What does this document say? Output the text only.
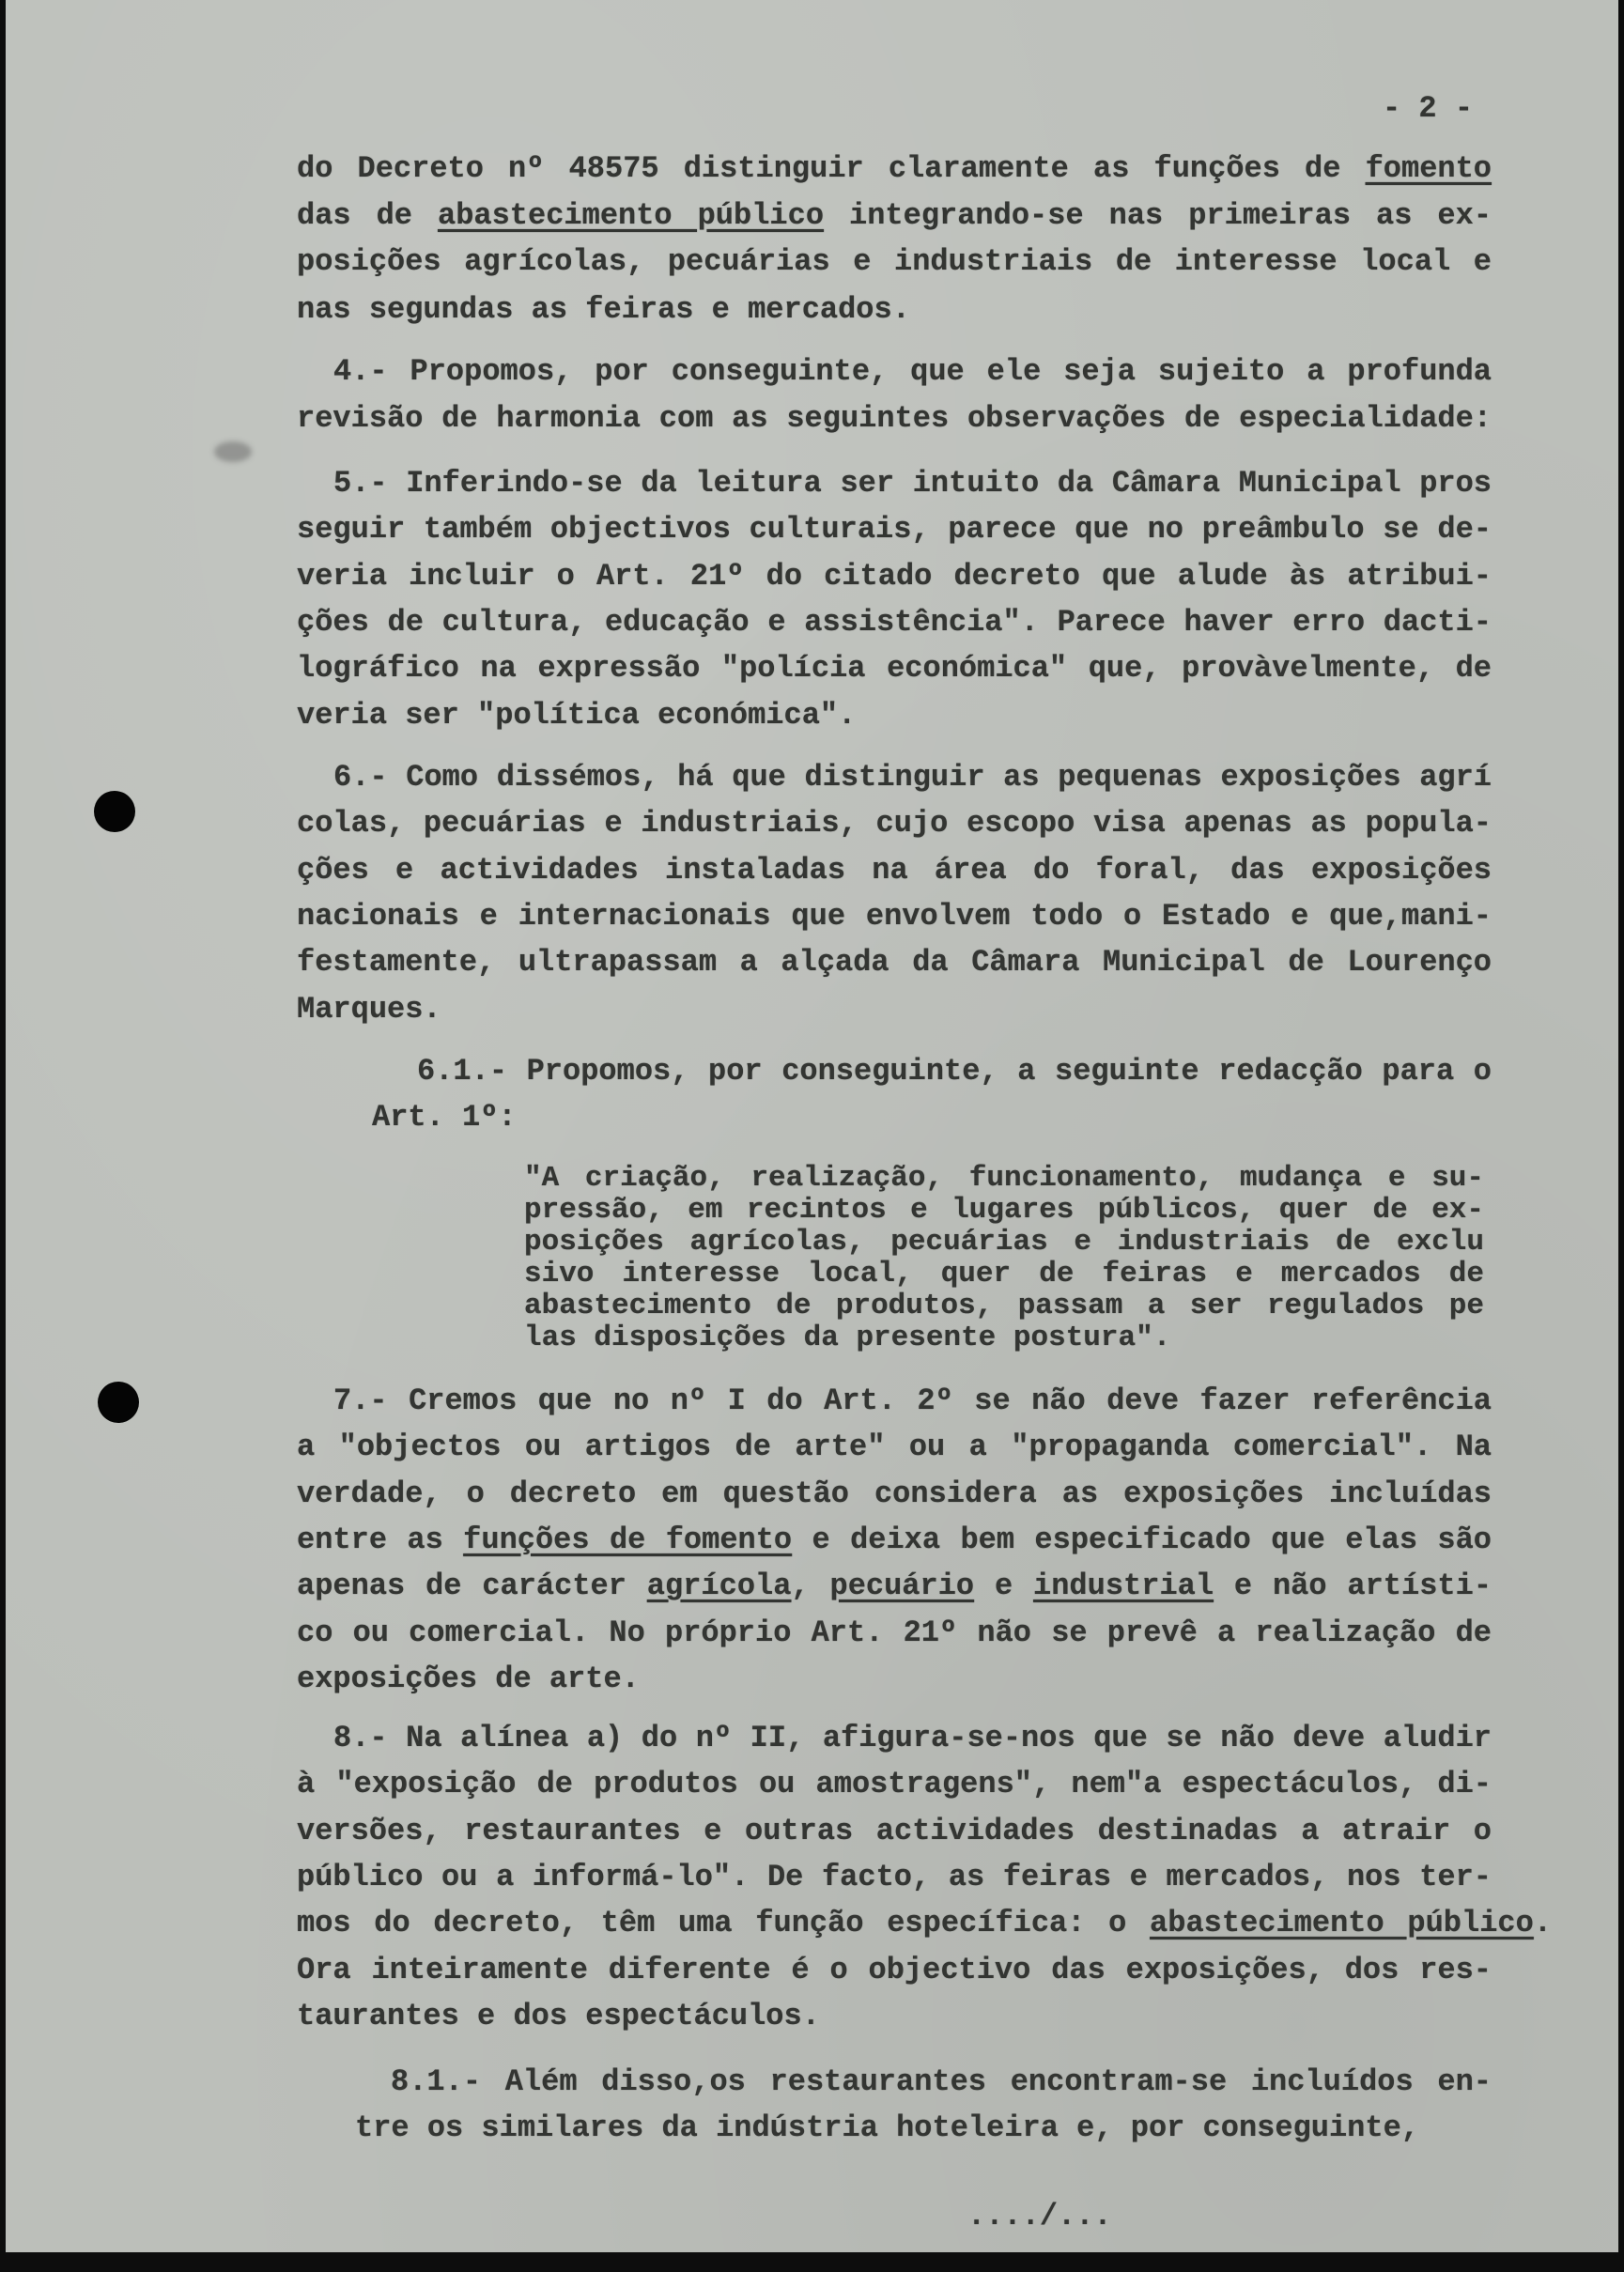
- 2 -
do Decreto nº 48575 distinguir claramente as funções de fomento
das de abastecimento público integrando-se nas primeiras as ex-
posições agrícolas, pecuárias e industriais de interesse local e
nas segundas as feiras e mercados.
4.- Propomos, por conseguinte, que ele seja sujeito a profunda
revisão de harmonia com as seguintes observações de especialidade:
5.- Inferindo-se da leitura ser intuito da Câmara Municipal pros
seguir também objectivos culturais, parece que no preâmbulo se de-
veria incluir o Art. 21º do citado decreto que alude às atribui-
ções de cultura, educação e assistência". Parece haver erro dacti-
lográfico na expressão "polícia económica" que, provàvelmente, de
veria ser "política económica".
6.- Como dissémos, há que distinguir as pequenas exposições agrí
colas, pecuárias e industriais, cujo escopo visa apenas as popula-
ções e actividades instaladas na área do foral, das exposições
nacionais e internacionais que envolvem todo o Estado e que,mani-
festamente, ultrapassam a alçada da Câmara Municipal de Lourenço
Marques.
6.1.- Propomos, por conseguinte, a seguinte redacção para o
Art. 1º:
"A criação, realização, funcionamento, mudança e su-
pressão, em recintos e lugares públicos, quer de ex-
posições agrícolas, pecuárias e industriais de exclu
sivo interesse local, quer de feiras e mercados de
abastecimento de produtos, passam a ser regulados pe
las disposições da presente postura".
7.- Cremos que no nº I do Art. 2º se não deve fazer referência
a "objectos ou artigos de arte" ou a "propaganda comercial". Na
verdade, o decreto em questão considera as exposições incluídas
entre as funções de fomento e deixa bem especificado que elas são
apenas de carácter agrícola, pecuário e industrial e não artísti-
co ou comercial. No próprio Art. 21º não se prevê a realização de
exposições de arte.
8.- Na alínea a) do nº II, afigura-se-nos que se não deve aludir
à "exposição de produtos ou amostragens", nem"a espectáculos, di-
versões, restaurantes e outras actividades destinadas a atrair o
público ou a informá-lo". De facto, as feiras e mercados, nos ter-
mos do decreto, têm uma função específica: o abastecimento público.
Ora inteiramente diferente é o objectivo das exposições, dos res-
taurantes e dos espectáculos.
8.1.- Além disso,os restaurantes encontram-se incluídos en-
tre os similares da indústria hoteleira e, por conseguinte,
..../...
